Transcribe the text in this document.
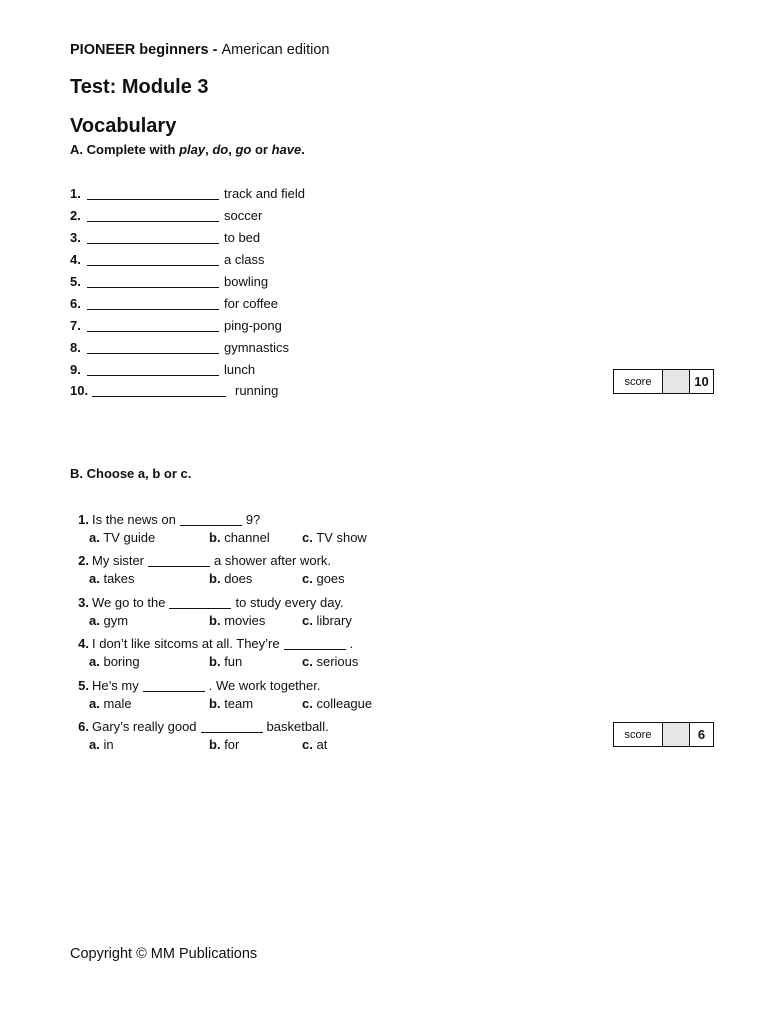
PIONEER beginners - American edition
Test: Module 3
Vocabulary
A. Complete with play, do, go or have.
1.	track and field
2.	soccer
3.	to bed
4.	a class
5.	bowling
6.	for coffee
7.	ping-pong
8.	gymnastics
9.	lunch
10.	running
score	10
B. Choose a, b or c.
1. Is the news on	9?
a. TV guide	b. channel	c. TV show
2. My sister	a shower after work.
a. takes	b. does	c. goes
3. We go to the	to study every day.
a. gym	b. movies	c. library
4. I don’t like sitcoms at all. They’re	.
a. boring	b. fun	c. serious
5. He’s my	. We work together.
a. male	b. team	c. colleague
6. Gary’s really good	basketball.
a. in	b. for	c. at
score	6
Copyright © MM Publications
